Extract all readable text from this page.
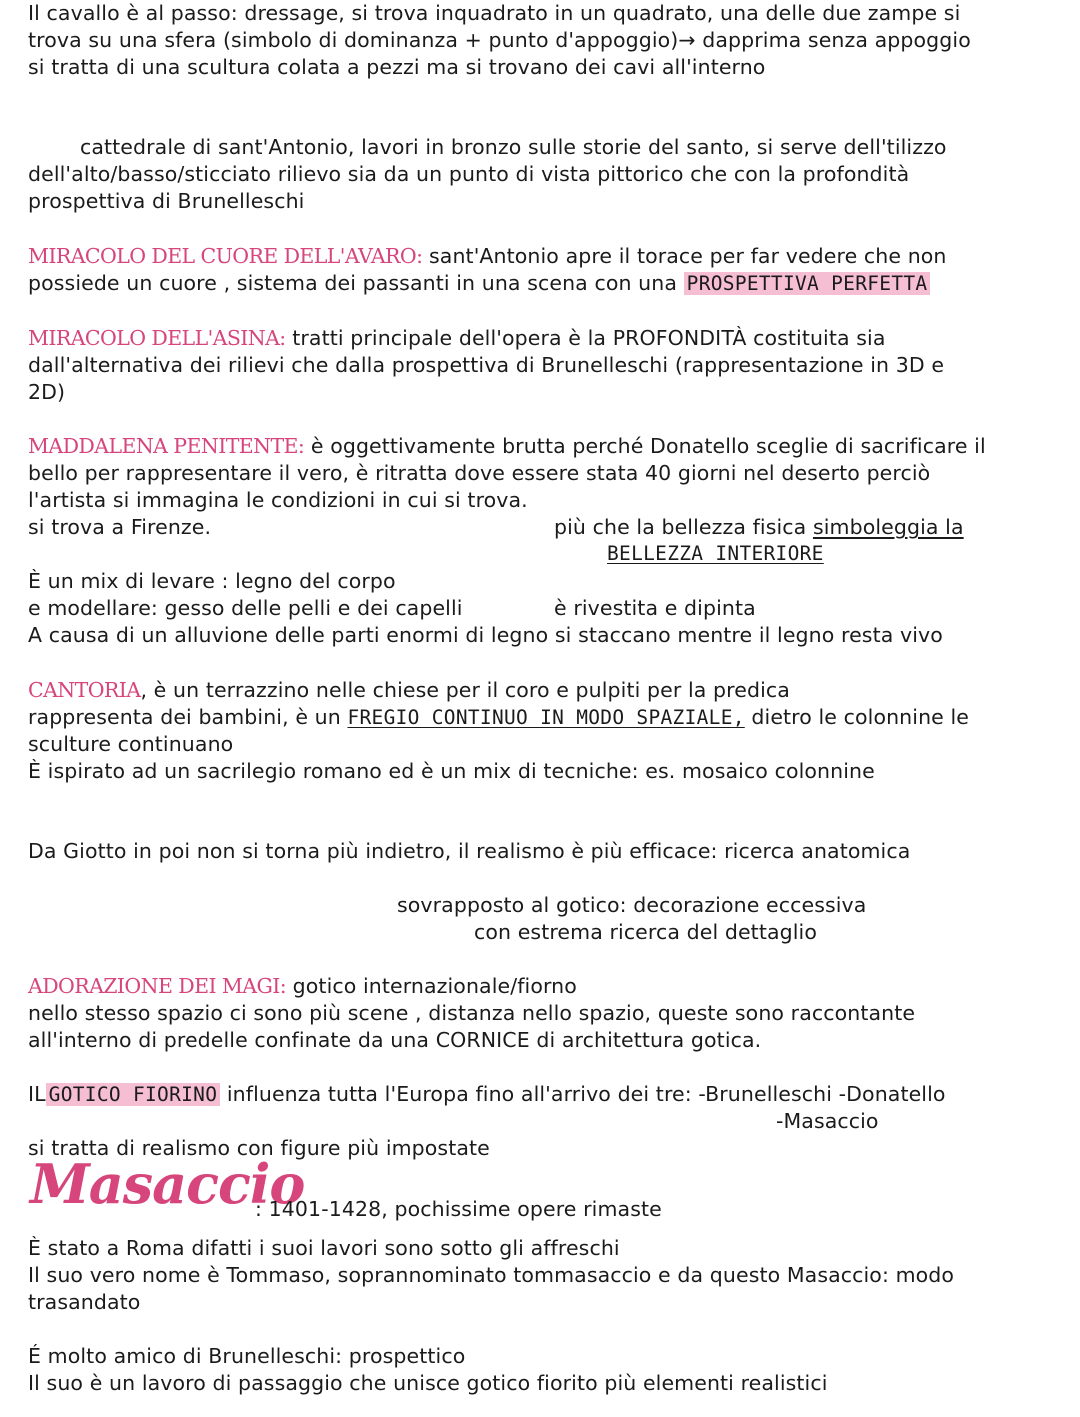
Il cavallo è al passo: dressage, si trova inquadrato in un quadrato, una delle due zampe si
trova su una sfera (simbolo di dominanza + punto d'appoggio)→ dapprima senza appoggio
si tratta di una scultura colata a pezzi ma si trovano dei cavi all'interno
cattedrale di sant'Antonio, lavori in bronzo sulle storie del santo, si serve dell'tilizzo
dell'alto/basso/sticciato rilievo sia da un punto di vista pittorico che con la profondità
prospettiva di Brunelleschi
MIRACOLO DEL CUORE DELL'AVARO: sant'Antonio apre il torace per far vedere che non
possiede un cuore , sistema dei passanti in una scena con una PROSPETTIVA PERFETTA
MIRACOLO DELL'ASINA: tratti principale dell'opera è la PROFONDITÀ costituita sia
dall'alternativa dei rilievi che dalla prospettiva di Brunelleschi (rappresentazione in 3D e
2D)
MADDALENA PENITENTE: è oggettivamente brutta perché Donatello sceglie di sacrificare il
bello per rappresentare il vero, è ritratta dove essere stata 40 giorni nel deserto perciò
l'artista si immagina le condizioni in cui si trova.
si trova a Firenze.	più che la bellezza fisica simboleggia la
BELLEZZA INTERIORE
È un mix di levare : legno del corpo
e modellare: gesso delle pelli e dei capelli	è rivestita e dipinta
A causa di un alluvione delle parti enormi di legno si staccano mentre il legno resta vivo
CANTORIA, è un terrazzino nelle chiese per il coro e pulpiti per la predica
rappresenta dei bambini, è un FREGIO CONTINUO IN MODO SPAZIALE, dietro le colonnine le
sculture continuano
È ispirato ad un sacrilegio romano ed è un mix di tecniche: es. mosaico colonnine
Da Giotto in poi non si torna più indietro, il realismo è più efficace: ricerca anatomica
sovrapposto al gotico: decorazione eccessiva
con estrema ricerca del dettaglio
ADORAZIONE DEI MAGI: gotico internazionale/fiorno
nello stesso spazio ci sono più scene , distanza nello spazio, queste sono raccontante
all'interno di predelle confinate da una CORNICE di architettura gotica.
IL GOTICO FIORINO influenza tutta l'Europa fino all'arrivo dei tre: -Brunelleschi -Donatello
-Masaccio
si tratta di realismo con figure più impostate
Masaccio
: 1401-1428, pochissime opere rimaste
È stato a Roma difatti i suoi lavori sono sotto gli affreschi
Il suo vero nome è Tommaso, soprannominato tommasaccio e da questo Masaccio: modo
trasandato
É molto amico di Brunelleschi: prospettico
Il suo è un lavoro di passaggio che unisce gotico fiorito più elementi realistici
